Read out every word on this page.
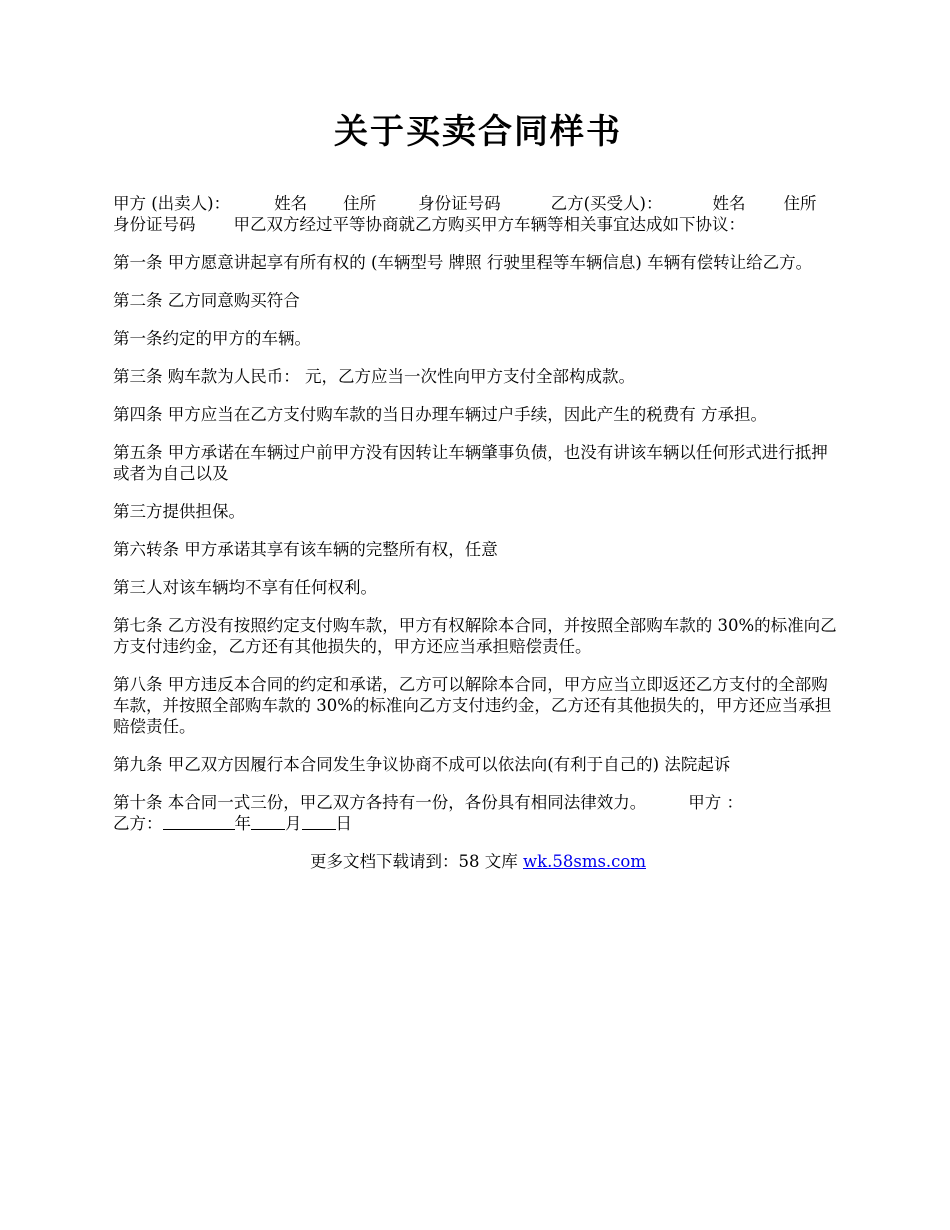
关于买卖合同样书

甲方 (出卖人)：	姓名 住所	身份证号码	乙方(买受人)：	姓名 住所
身份证号码 甲乙双方经过平等协商就乙方购买甲方车辆等相关事宜达成如下协议：

第一条 甲方愿意讲起享有所有权的 (车辆型号 牌照 行驶里程等车辆信息) 车辆有偿转让给乙方。

第二条 乙方同意购买符合

第一条约定的甲方的车辆。

第三条 购车款为人民币： 元，乙方应当一次性向甲方支付全部构成款。

第四条 甲方应当在乙方支付购车款的当日办理车辆过户手续，因此产生的税费有 方承担。

第五条 甲方承诺在车辆过户前甲方没有因转让车辆肇事负债，也没有讲该车辆以任何形式进行抵押或者为自己以及

第三方提供担保。

第六转条 甲方承诺其享有该车辆的完整所有权，任意

第三人对该车辆均不享有任何权利。

第七条 乙方没有按照约定支付购车款，甲方有权解除本合同，并按照全部购车款的 30%的标准向乙方支付违约金，乙方还有其他损失的，甲方还应当承担赔偿责任。

第八条 甲方违反本合同的约定和承诺，乙方可以解除本合同，甲方应当立即返还乙方支付的全部购车款，并按照全部购车款的 30%的标准向乙方支付违约金，乙方还有其他损失的，甲方还应当承担赔偿责任。

第九条 甲乙双方因履行本合同发生争议协商不成可以依法向(有利于自己的) 法院起诉

第十条 本合同一式三份，甲乙双方各持有一份，各份具有相同法律效力。	甲方 ：
乙方：	年 月 日

更多文档下载请到：58 文库 wk.58sms.com
